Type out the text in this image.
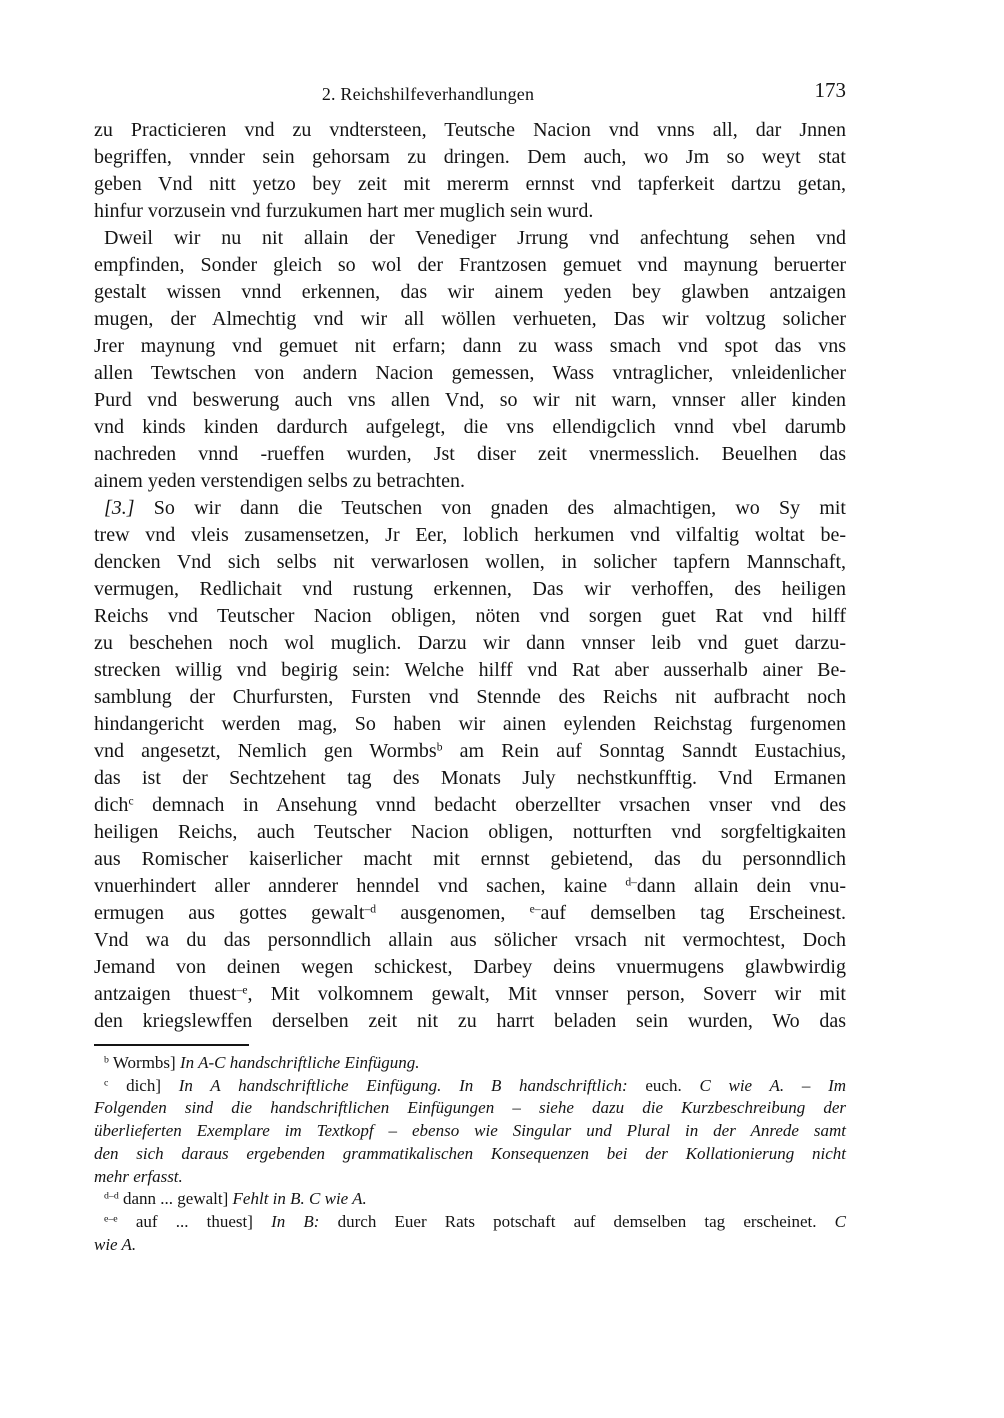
2. Reichshilfeverhandlungen	173
zu Practicieren vnd zu vndtersteen, Teutsche Nacion vnd vnns all, dar Jnnen
begriffen, vnnder sein gehorsam zu dringen. Dem auch, wo Jm so weyt stat
geben Vnd nitt yetzo bey zeit mit mererm ernnst vnd tapferkeit dartzu getan,
hinfur vorzusein vnd furzukumen hart mer muglich sein wurd.
Dweil wir nu nit allain der Venediger Jrrung vnd anfechtung sehen vnd
empfinden, Sonder gleich so wol der Frantzosen gemuet vnd maynung beruerter
gestalt wissen vnnd erkennen, das wir ainem yeden bey glawben antzaigen
mugen, der Almechtig vnd wir all wöllen verhueten, Das wir voltzug solicher
Jrer maynung vnd gemuet nit erfarn; dann zu wass smach vnd spot das vns
allen Tewtschen von andern Nacion gemessen, Wass vntraglicher, vnleidenlicher
Purd vnd beswerung auch vns allen Vnd, so wir nit warn, vnnser aller kinden
vnd kinds kinden dardurch aufgelegt, die vns ellendigclich vnnd vbel darumb
nachreden vnnd -rueffen wurden, Jst diser zeit vnermesslich. Beuelhen das
ainem yeden verstendigen selbs zu betrachten.
[3.] So wir dann die Teutschen von gnaden des almachtigen, wo Sy mit
trew vnd vleis zusamensetzen, Jr Eer, loblich herkumen vnd vilfaltig woltat be-
dencken Vnd sich selbs nit verwarlosen wollen, in solicher tapfern Mannschaft,
vermugen, Redlichait vnd rustung erkennen, Das wir verhoffen, des heiligen
Reichs vnd Teutscher Nacion obligen, nöten vnd sorgen guet Rat vnd hilff
zu beschehen noch wol muglich. Darzu wir dann vnnser leib vnd guet darzu-
strecken willig vnd begirig sein: Welche hilff vnd Rat aber ausserhalb ainer Be-
samblung der Churfursten, Fursten vnd Stennde des Reichs nit aufbracht noch
hindangericht werden mag, So haben wir ainen eylenden Reichstag furgenomen
vnd angesetzt, Nemlich gen Wormbs$^b$ am Rein auf Sonntag Sanndt Eustachius,
das ist der Sechtzehent tag des Monats July nechstkunfftig. Vnd Ermanen
dich$^c$ demnach in Ansehung vnnd bedacht oberzellter vrsachen vnser vnd des
heiligen Reichs, auch Teutscher Nacion obligen, notturften vnd sorgfeltigkaiten
aus Romischer kaiserlicher macht mit ernnst gebietend, das du personndlich
vnuerhindert aller annderer henndel vnd sachen, kaine $^{d-}$dann allain dein vnu-
ermugen aus gottes gewalt$^{-d}$ ausgenomen, $^{e-}$auf demselben tag Erscheinest.
Vnd wa du das personndlich allain aus sölicher vrsach nit vermochtest, Doch
Jemand von deinen wegen schickest, Darbey deins vnuermugens glawbwirdig
antzaigen thuest$^{-e}$, Mit volkomnem gewalt, Mit vnnser person, Soverr wir mit
den kriegslewffen derselben zeit nit zu harrt beladen sein wurden, Wo das
$^b$ Wormbs] In A-C handschriftliche Einfügung.
$^c$ dich] In A handschriftliche Einfügung. In B handschriftlich: euch. C wie A. – Im
Folgenden sind die handschriftlichen Einfügungen – siehe dazu die Kurzbeschreibung der
überlieferten Exemplare im Textkopf – ebenso wie Singular und Plural in der Anrede samt
den sich daraus ergebenden grammatikalischen Konsequenzen bei der Kollationierung nicht
mehr erfasst.
$^{d-d}$ dann ... gewalt] Fehlt in B. C wie A.
$^{e-e}$ auf ... thuest] In B: durch Euer Rats potschaft auf demselben tag erscheinet. C
wie A.
